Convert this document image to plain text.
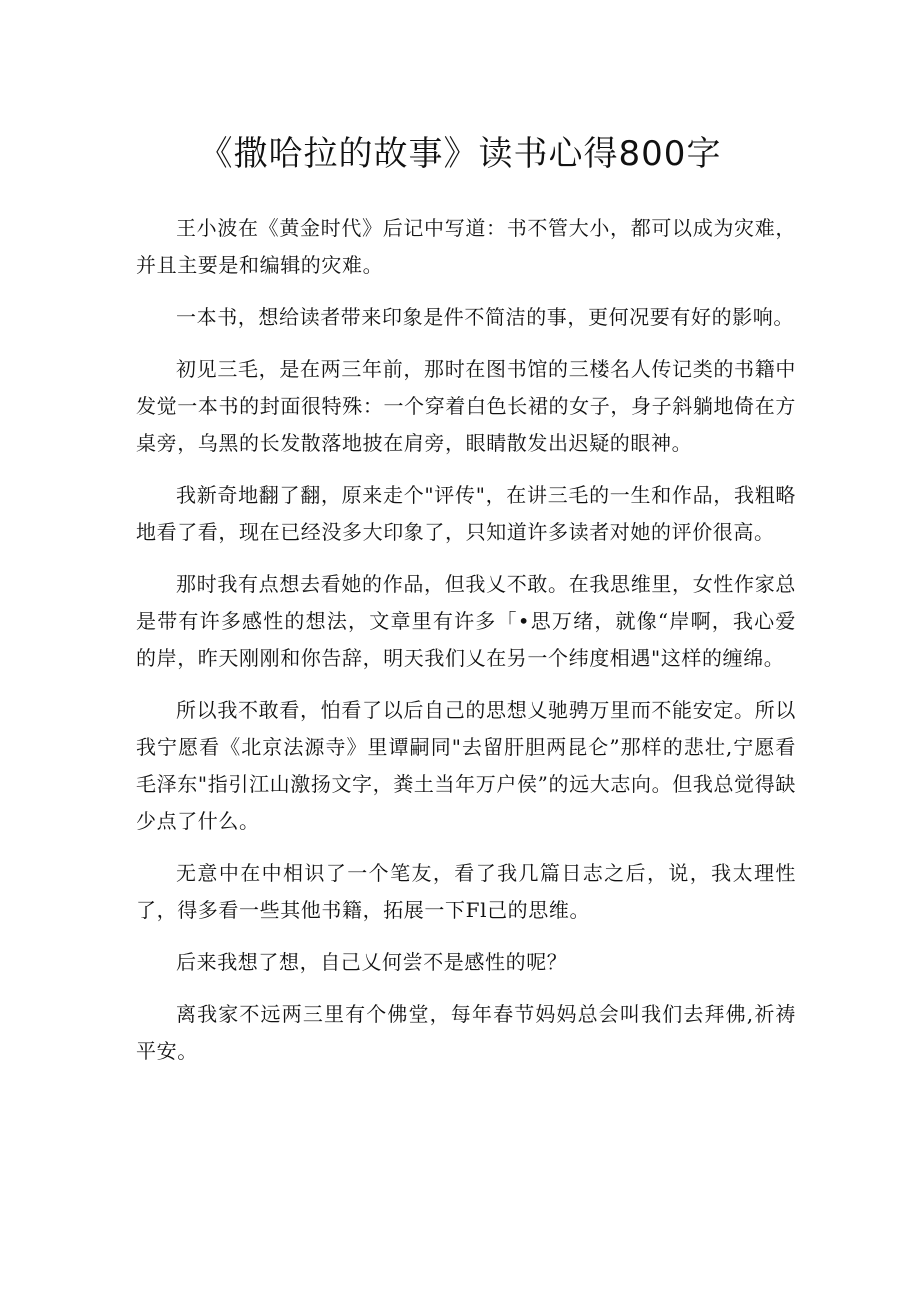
《撒哈拉的故事》读书心得800字

王小波在《黄金时代》后记中写道：书不管大小，都可以成为灾难，并且主要是和编辑的灾难。

一本书，想给读者带来印象是件不简洁的事，更何况要有好的影响。

初见三毛，是在两三年前，那时在图书馆的三楼名人传记类的书籍中发觉一本书的封面很特殊：一个穿着白色长裙的女子，身子斜躺地倚在方桌旁，乌黑的长发散落地披在肩旁，眼睛散发出迟疑的眼神。

我新奇地翻了翻，原来走个"评传"，在讲三毛的一生和作品，我粗略地看了看，现在已经没多大印象了，只知道许多读者对她的评价很高。

那时我有点想去看她的作品，但我乂不敢。在我思维里，女性作家总是带有许多感性的想法，文章里有许多「•思万绪，就像“岸啊，我心爱的岸，昨天刚刚和你告辞，明天我们乂在另一个纬度相遇"这样的缠绵。

所以我不敢看，怕看了以后自己的思想乂驰骋万里而不能安定。所以我宁愿看《北京法源寺》里谭嗣同"去留肝胆两昆仑”那样的悲壮,宁愿看毛泽东"指引江山激扬文字，粪土当年万户侯”的远大志向。但我总觉得缺少点了什么。

无意中在中相识了一个笔友，看了我几篇日志之后，说，我太理性了，得多看一些其他书籍，拓展一下Fl己的思维。

后来我想了想，自己乂何尝不是感性的呢？

离我家不远两三里有个佛堂，每年春节妈妈总会叫我们去拜佛,祈祷平安。
